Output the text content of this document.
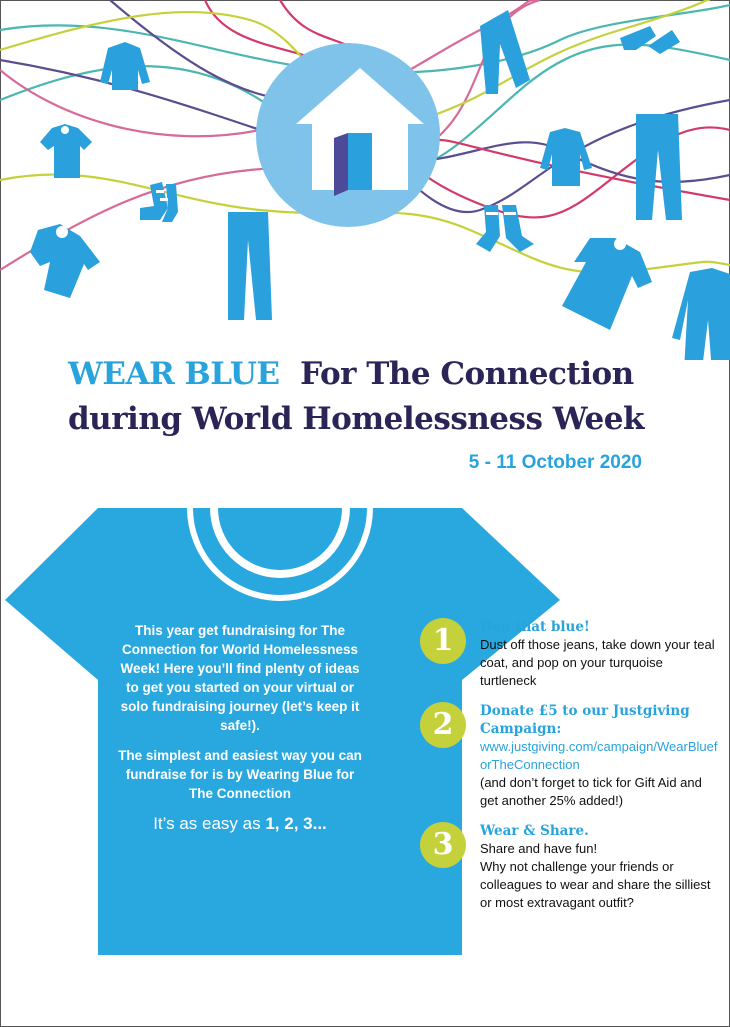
WEAR BLUE For The Connection
during World Homelessness Week
5 - 11 October 2020

This year get fundraising for The Connection for World Homelessness Week! Here you’ll find plenty of ideas to get you started on your virtual or solo fundraising journey (let’s keep it safe!).

The simplest and easiest way you can fundraise for is by Wearing Blue for The Connection

It’s as easy as 1, 2, 3...
1	Don that blue!
Dust off those jeans, take down your teal coat, and pop on your turquoise turtleneck
2	Donate £5 to our Justgiving Campaign:
www.justgiving.com/campaign/WearBlueforTheConnection
(and don’t forget to tick for Gift Aid and get another 25% added!)
3	Wear & Share.
Share and have fun!
Why not challenge your friends or colleagues to wear and share the silliest or most extravagant outfit?
